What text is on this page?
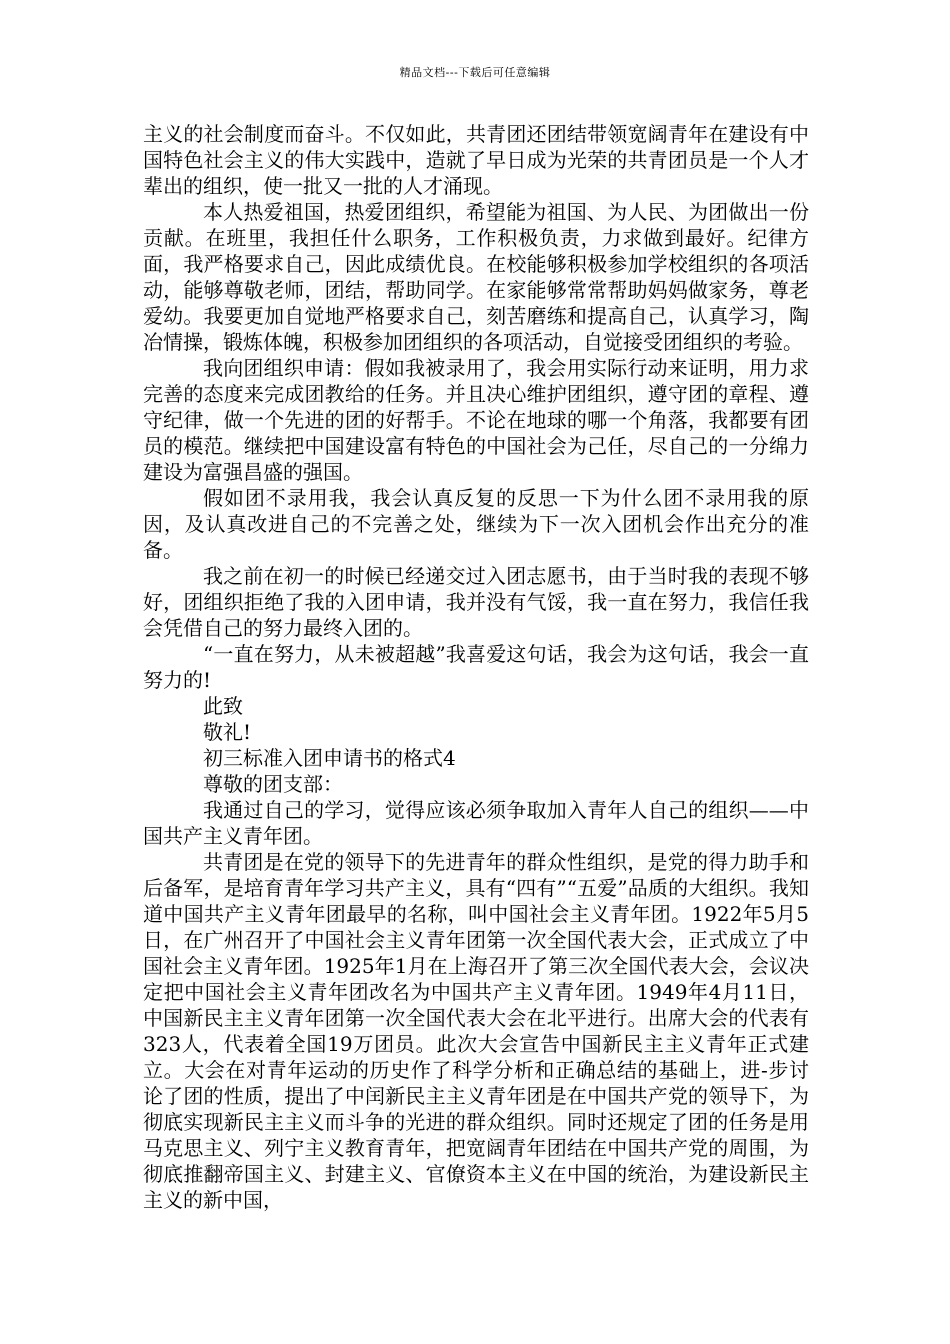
精品文档---下载后可任意编辑

主义的社会制度而奋斗。不仅如此，共青团还团结带领宽阔青年在建设有中国特色社会主义的伟大实践中，造就了早日成为光荣的共青团员是一个人才辈出的组织，使一批又一批的人才涌现。

本人热爱祖国，热爱团组织，希望能为祖国、为人民、为团做出一份贡献。在班里，我担任什么职务，工作积极负责，力求做到最好。纪律方面，我严格要求自己，因此成绩优良。在校能够积极参加学校组织的各项活动，能够尊敬老师，团结，帮助同学。在家能够常常帮助妈妈做家务，尊老爱幼。我要更加自觉地严格要求自己，刻苦磨练和提高自己，认真学习，陶冶情操，锻炼体魄，积极参加团组织的各项活动，自觉接受团组织的考验。

我向团组织申请：假如我被录用了，我会用实际行动来证明，用力求完善的态度来完成团教给的任务。并且决心维护团组织，遵守团的章程、遵守纪律，做一个先进的团的好帮手。不论在地球的哪一个角落，我都要有团员的模范。继续把中国建设富有特色的中国社会为己任，尽自己的一分绵力建设为富强昌盛的强国。

假如团不录用我，我会认真反复的反思一下为什么团不录用我的原因，及认真改进自己的不完善之处，继续为下一次入团机会作出充分的准备。

我之前在初一的时候已经递交过入团志愿书，由于当时我的表现不够好，团组织拒绝了我的入团申请，我并没有气馁，我一直在努力，我信任我会凭借自己的努力最终入团的。

“一直在努力，从未被超越”我喜爱这句话，我会为这句话，我会一直努力的!

此致

敬礼!

初三标准入团申请书的格式4

尊敬的团支部：

我通过自己的学习，觉得应该必须争取加入青年人自己的组织——中国共产主义青年团。

共青团是在党的领导下的先进青年的群众性组织，是党的得力助手和后备军，是培育青年学习共产主义，具有“四有”“五爱”品质的大组织。我知道中国共产主义青年团最早的名称，叫中国社会主义青年团。1922年5月5日，在广州召开了中国社会主义青年团第一次全国代表大会，正式成立了中国社会主义青年团。1925年1月在上海召开了第三次全国代表大会，会议决定把中国社会主义青年团改名为中国共产主义青年团。1949年4月11日，中国新民主主义青年团第一次全国代表大会在北平进行。出席大会的代表有323人，代表着全国19万团员。此次大会宣告中国新民主主义青年正式建立。大会在对青年运动的历史作了科学分析和正确总结的基础上，进-步讨论了团的性质，提出了中闰新民主主义青年团是在中国共产党的领导下，为彻底实现新民主主义而斗争的光进的群众组织。同时还规定了团的任务是用马克思主义、列宁主义教育青年，把宽阔青年团结在中国共产党的周围，为彻底推翻帝国主义、封建主义、官僚资本主义在中国的统治，为建设新民主主义的新中国，
